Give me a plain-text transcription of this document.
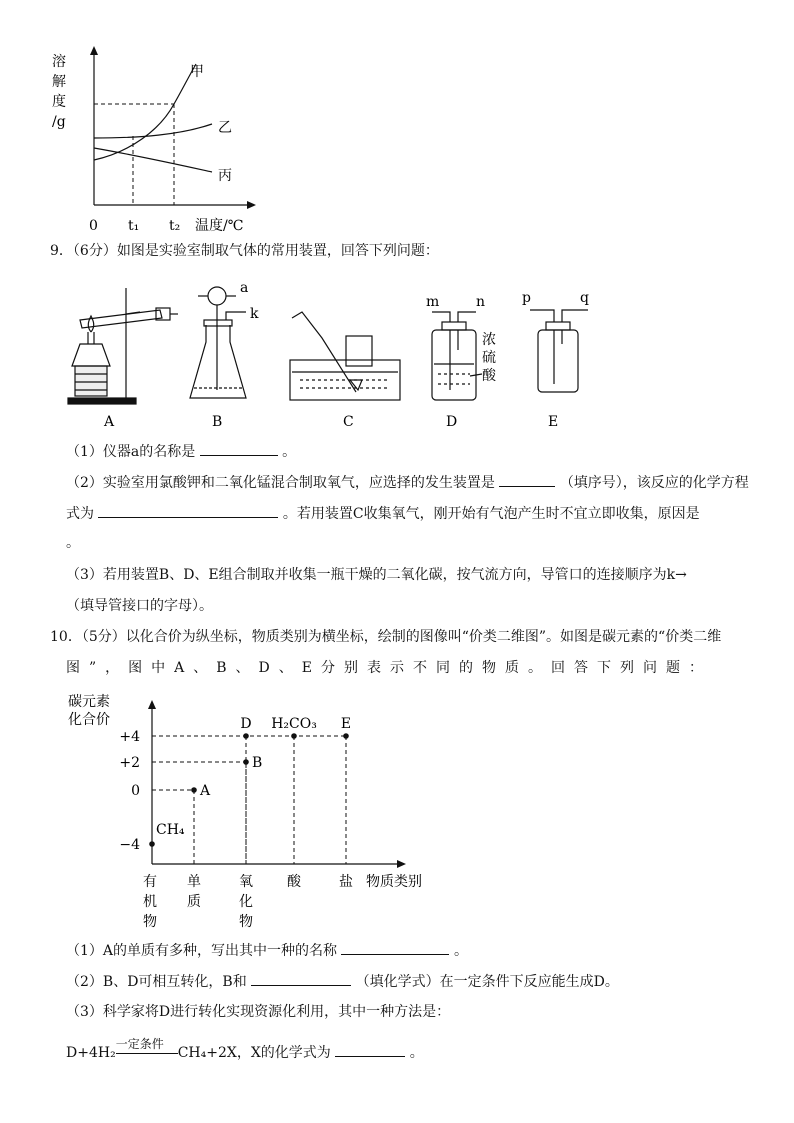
溶
解
度
/g
甲
乙
丙
0 t₁ t₂ 温度/℃
9．（6分）如图是实验室制取气体的常用装置，回答下列问题：
a
k
m	n	p	q
浓
硫
酸
A	B	C	D	E
（1）仪器a的名称是	。
（2）实验室用氯酸钾和二氧化锰混合制取氧气，应选择的发生装置是	（填序号），该反应的化学方程
式为	。若用装置C收集氧气，刚开始有气泡产生时不宜立即收集，原因是
。
（3）若用装置B、D、E组合制取并收集一瓶干燥的二氧化碳，按气流方向，导管口的连接顺序为k→
（填导管接口的字母）。
10．（5分）以化合价为纵坐标，物质类别为横坐标，绘制的图像叫“价类二维图”。如图是碳元素的“价类二维
图”，图中A、B、D、E分别表示不同的物质。回答下列问题：
碳元素
化合价
物质类别
+4
+2
0
−4
CH₄
A
B
D H₂CO₃ E
有
机
物
单
质
氧
化
物
酸	盐
（1）A的单质有多种，写出其中一种的名称	。
（2）B、D可相互转化，B和	（填化学式）在一定条件下反应能生成D。
（3）科学家将D进行转化实现资源化利用，其中一种方法是：
D+4H₂
一定条件
CH₄+2X，X的化学式为	。
